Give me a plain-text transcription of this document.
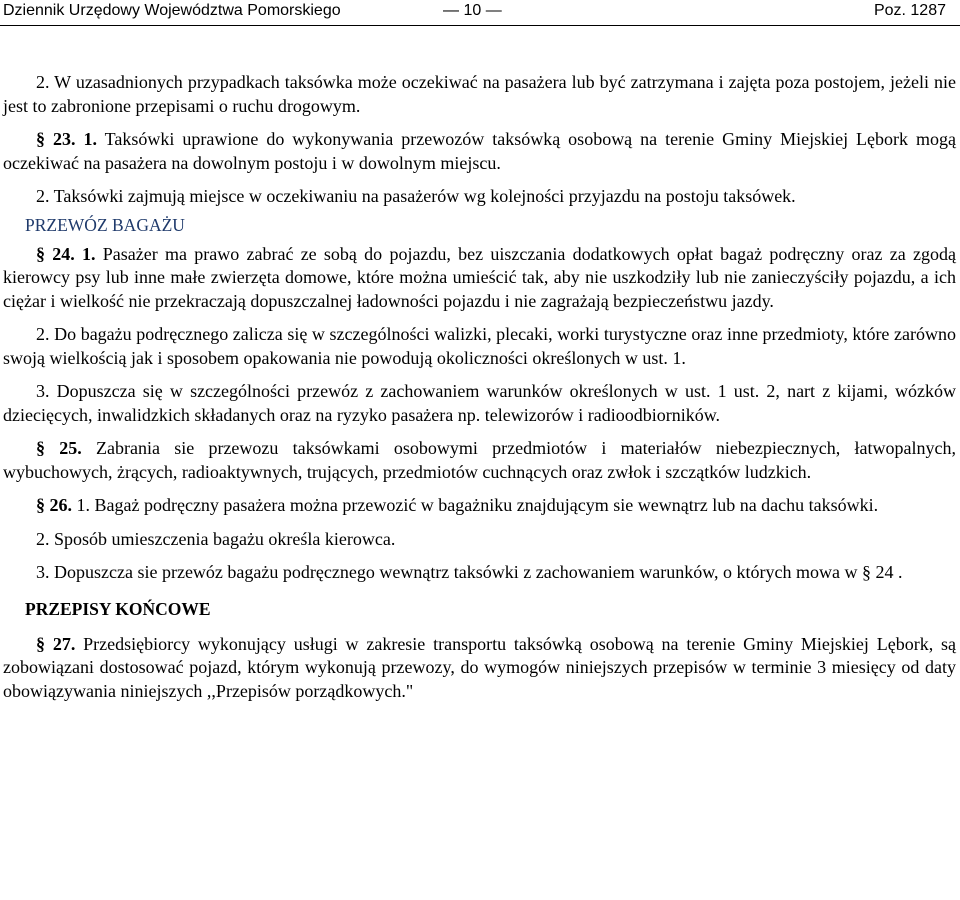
Dziennik Urzędowy Województwa Pomorskiego	— 10 —	Poz. 1287

2. W uzasadnionych przypadkach taksówka może oczekiwać na pasażera lub być zatrzymana i zajęta poza postojem, jeżeli nie jest to zabronione przepisami o ruchu drogowym.

§ 23. 1. Taksówki uprawione do wykonywania przewozów taksówką osobową na terenie Gminy Miejskiej Lębork mogą oczekiwać na pasażera na dowolnym postoju i w dowolnym miejscu.

2. Taksówki zajmują miejsce w oczekiwaniu na pasażerów wg kolejności przyjazdu na postoju taksówek.

PRZEWÓZ BAGAŻU

§ 24. 1. Pasażer ma prawo zabrać ze sobą do pojazdu, bez uiszczania dodatkowych opłat bagaż podręczny oraz za zgodą kierowcy psy lub inne małe zwierzęta domowe, które można umieścić tak, aby nie uszkodziły lub nie zanieczyściły pojazdu, a ich ciężar i wielkość nie przekraczają dopuszczalnej ładowności pojazdu i nie zagrażają bezpieczeństwu jazdy.

2. Do bagażu podręcznego zalicza się w szczególności walizki, plecaki, worki turystyczne oraz inne przedmioty, które zarówno swoją wielkością jak i sposobem opakowania nie powodują okoliczności określonych w ust. 1.

3. Dopuszcza się w szczególności przewóz z zachowaniem warunków określonych w ust. 1 ust. 2, nart z kijami, wózków dziecięcych, inwalidzkich składanych oraz na ryzyko pasażera np. telewizorów i radioodbiorników.

§ 25. Zabrania sie przewozu taksówkami osobowymi przedmiotów i materiałów niebezpiecznych, łatwopalnych, wybuchowych, żrących, radioaktywnych, trujących, przedmiotów cuchnących oraz zwłok i szczątków ludzkich.

§ 26. 1. Bagaż podręczny pasażera można przewozić w bagażniku znajdującym sie wewnątrz lub na dachu taksówki.

2. Sposób umieszczenia bagażu określa kierowca.

3. Dopuszcza sie przewóz bagażu podręcznego wewnątrz taksówki z zachowaniem warunków, o których mowa w § 24 .

PRZEPISY KOŃCOWE

§ 27. Przedsiębiorcy wykonujący usługi w zakresie transportu taksówką osobową na terenie Gminy Miejskiej Lębork, są zobowiązani dostosować pojazd, którym wykonują przewozy, do wymogów niniejszych przepisów w terminie 3 miesięcy od daty obowiązywania niniejszych ,,Przepisów porządkowych."
